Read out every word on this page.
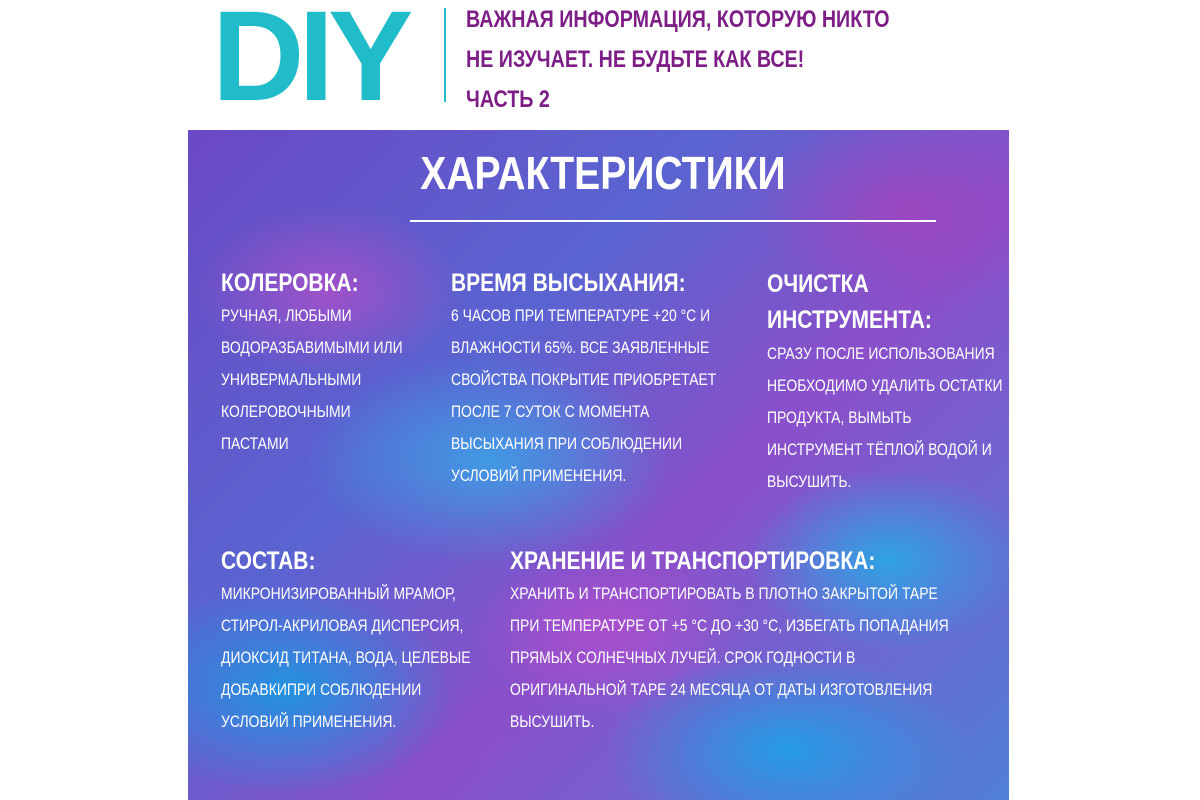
DIY ВАЖНАЯ ИНФОРМАЦИЯ, КОТОРУЮ НИКТО
НЕ ИЗУЧАЕТ. НЕ БУДЬТЕ КАК ВСЕ!
ЧАСТЬ 2
ХАРАКТЕРИСТИКИ
КОЛЕРОВКА:

РУЧНАЯ, ЛЮБЫМИ ВОДОРАЗБАВИМЫМИ ИЛИ УНИВЕРМАЛЬНЫМИ КОЛЕРОВОЧНЫМИ ПАСТАМИ

ВРЕМЯ ВЫСЫХАНИЯ:

6 ЧАСОВ ПРИ ТЕМПЕРАТУРЕ +20 °С И ВЛАЖНОСТИ 65%. ВСЕ ЗАЯВЛЕННЫЕ СВОЙСТВА ПОКРЫТИЕ ПРИОБРЕТАЕТ ПОСЛЕ 7 СУТОК С МОМЕНТА ВЫСЫХАНИЯ ПРИ СОБЛЮДЕНИИ УСЛОВИЙ ПРИМЕНЕНИЯ.

ОЧИСТКА ИНСТРУМЕНТА:

СРАЗУ ПОСЛЕ ИСПОЛЬЗОВАНИЯ НЕОБХОДИМО УДАЛИТЬ ОСТАТКИ ПРОДУКТА, ВЫМЫТЬ ИНСТРУМЕНТ ТЁПЛОЙ ВОДОЙ И ВЫСУШИТЬ.

СОСТАВ:

МИКРОНИЗИРОВАННЫЙ МРАМОР, СТИРОЛ-АКРИЛОВАЯ ДИСПЕРСИЯ, ДИОКСИД ТИТАНА, ВОДА, ЦЕЛЕВЫЕ ДОБАВКИПРИ СОБЛЮДЕНИИ УСЛОВИЙ ПРИМЕНЕНИЯ.

ХРАНЕНИЕ И ТРАНСПОРТИРОВКА:

ХРАНИТЬ И ТРАНСПОРТИРОВАТЬ В ПЛОТНО ЗАКРЫТОЙ ТАРЕ ПРИ ТЕМПЕРАТУРЕ ОТ +5 °С ДО +30 °С, ИЗБЕГАТЬ ПОПАДАНИЯ ПРЯМЫХ СОЛНЕЧНЫХ ЛУЧЕЙ. СРОК ГОДНОСТИ В ОРИГИНАЛЬНОЙ ТАРЕ 24 МЕСЯЦА ОТ ДАТЫ ИЗГОТОВЛЕНИЯ ВЫСУШИТЬ.
